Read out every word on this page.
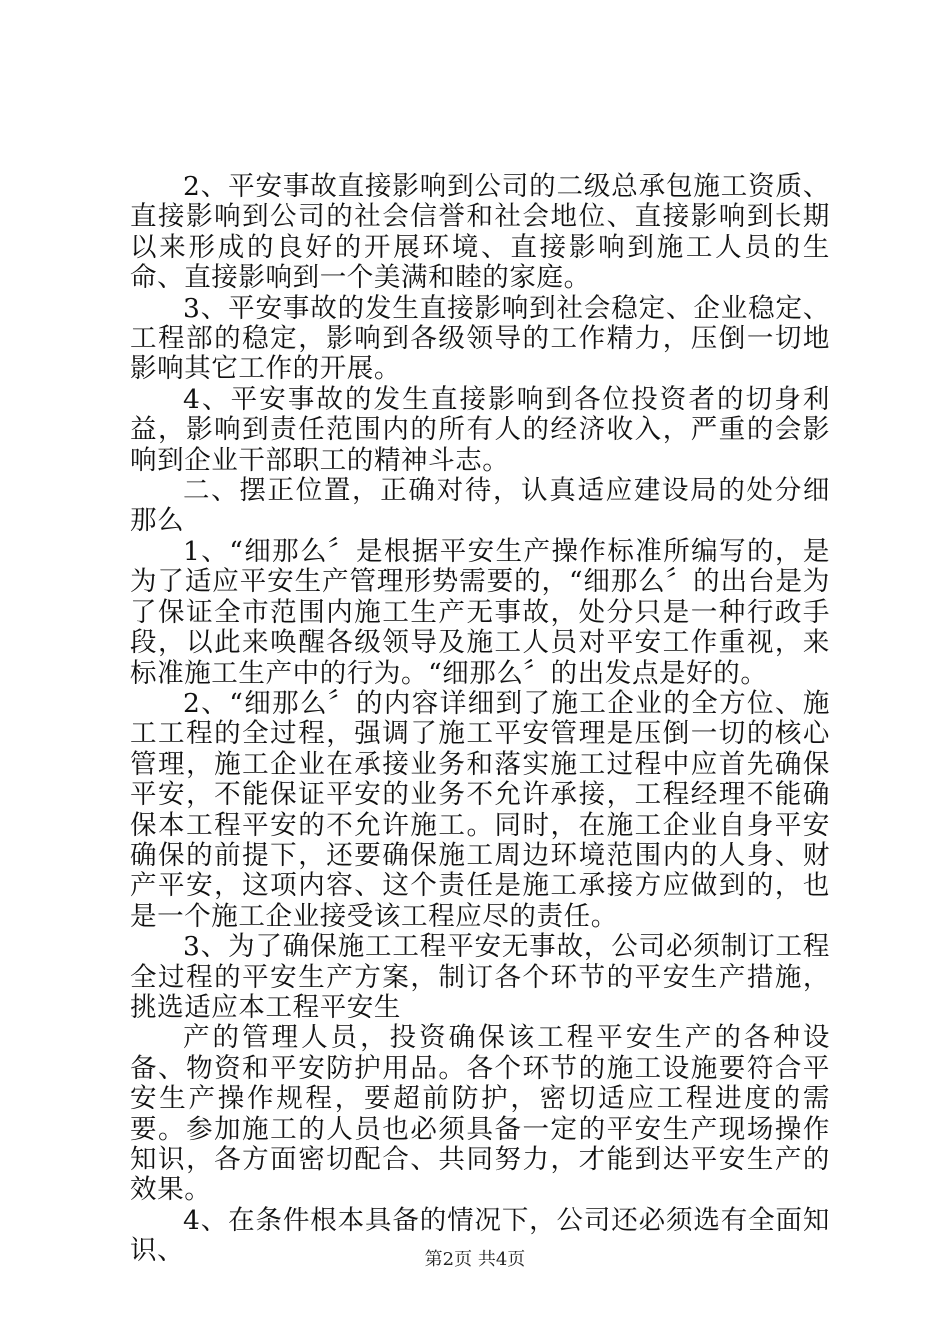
2、平安事故直接影响到公司的二级总承包施工资质、直接影响到公司的社会信誉和社会地位、直接影响到长期以来形成的良好的开展环境、直接影响到施工人员的生命、直接影响到一个美满和睦的家庭。

3、平安事故的发生直接影响到社会稳定、企业稳定、工程部的稳定，影响到各级领导的工作精力，压倒一切地影响其它工作的开展。

4、平安事故的发生直接影响到各位投资者的切身利益，影响到责任范围内的所有人的经济收入，严重的会影响到企业干部职工的精神斗志。

二、摆正位置，正确对待，认真适应建设局的处分细那么

1、“细那么〞是根据平安生产操作标准所编写的，是为了适应平安生产管理形势需要的，“细那么〞的出台是为了保证全市范围内施工生产无事故，处分只是一种行政手段，以此来唤醒各级领导及施工人员对平安工作重视，来标准施工生产中的行为。“细那么〞的出发点是好的。

2、“细那么〞的内容详细到了施工企业的全方位、施工工程的全过程，强调了施工平安管理是压倒一切的核心管理，施工企业在承接业务和落实施工过程中应首先确保平安，不能保证平安的业务不允许承接，工程经理不能确保本工程平安的不允许施工。同时，在施工企业自身平安确保的前提下，还要确保施工周边环境范围内的人身、财产平安，这项内容、这个责任是施工承接方应做到的，也是一个施工企业接受该工程应尽的责任。

3、为了确保施工工程平安无事故，公司必须制订工程全过程的平安生产方案，制订各个环节的平安生产措施，挑选适应本工程平安生

产的管理人员，投资确保该工程平安生产的各种设备、物资和平安防护用品。各个环节的施工设施要符合平安生产操作规程，要超前防护，密切适应工程进度的需要。参加施工的人员也必须具备一定的平安生产现场操作知识，各方面密切配合、共同努力，才能到达平安生产的效果。

4、在条件根本具备的情况下，公司还必须选有全面知识、	第2页 共4页
